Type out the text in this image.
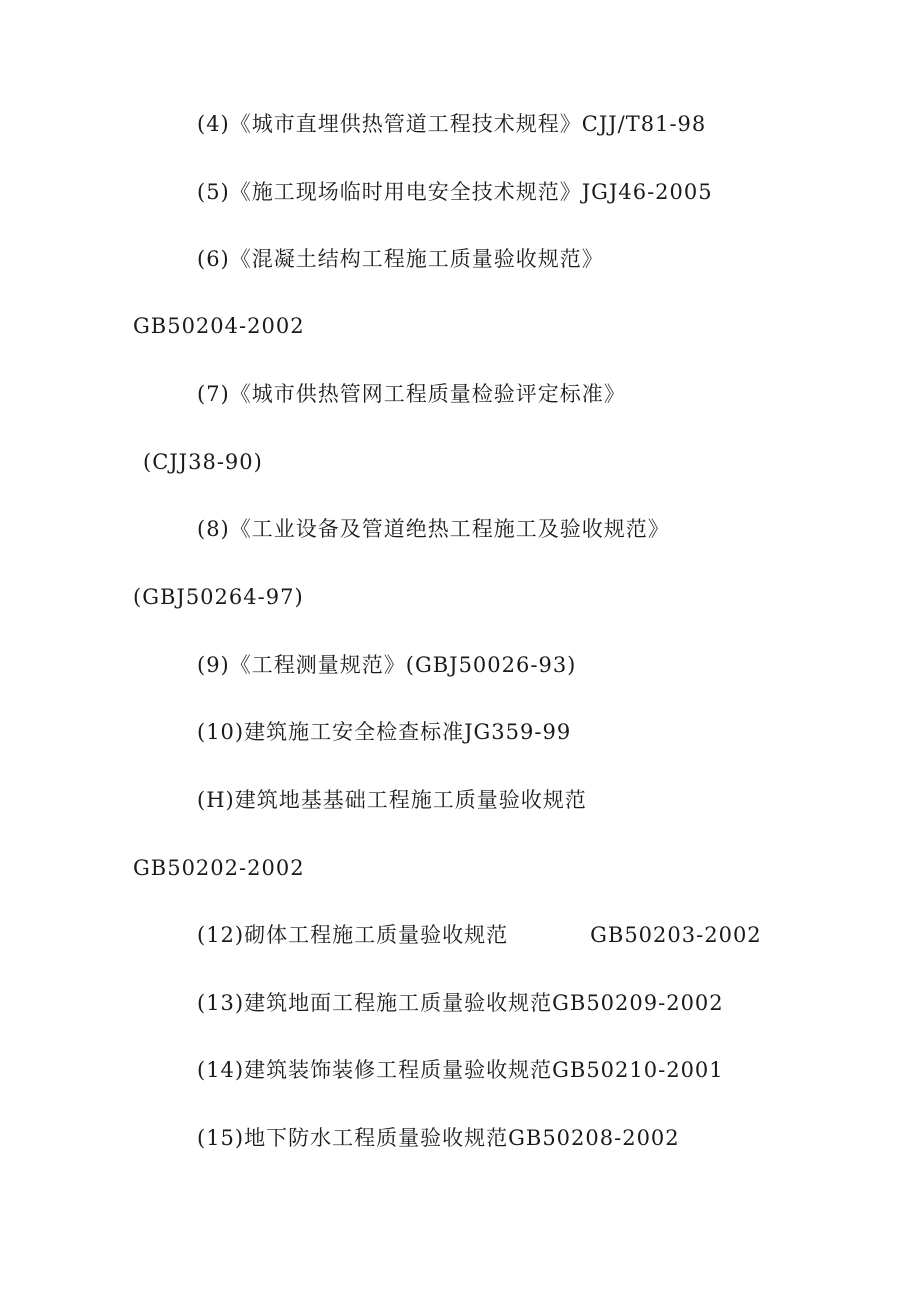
(4)《城市直埋供热管道工程技术规程》CJJ/T81-98
(5)《施工现场临时用电安全技术规范》JGJ46-2005
(6)《混凝土结构工程施工质量验收规范》
GB50204-2002
(7)《城市供热管网工程质量检验评定标准》
(CJJ38-90)
(8)《工业设备及管道绝热工程施工及验收规范》
(GBJ50264-97)
(9)《工程测量规范》(GBJ50026-93)
(10)建筑施工安全检查标准JG359-99
(H)建筑地基基础工程施工质量验收规范
GB50202-2002
(12)砌体工程施工质量验收规范	GB50203-2002
(13)建筑地面工程施工质量验收规范GB50209-2002
(14)建筑装饰装修工程质量验收规范GB50210-2001
(15)地下防水工程质量验收规范GB50208-2002
